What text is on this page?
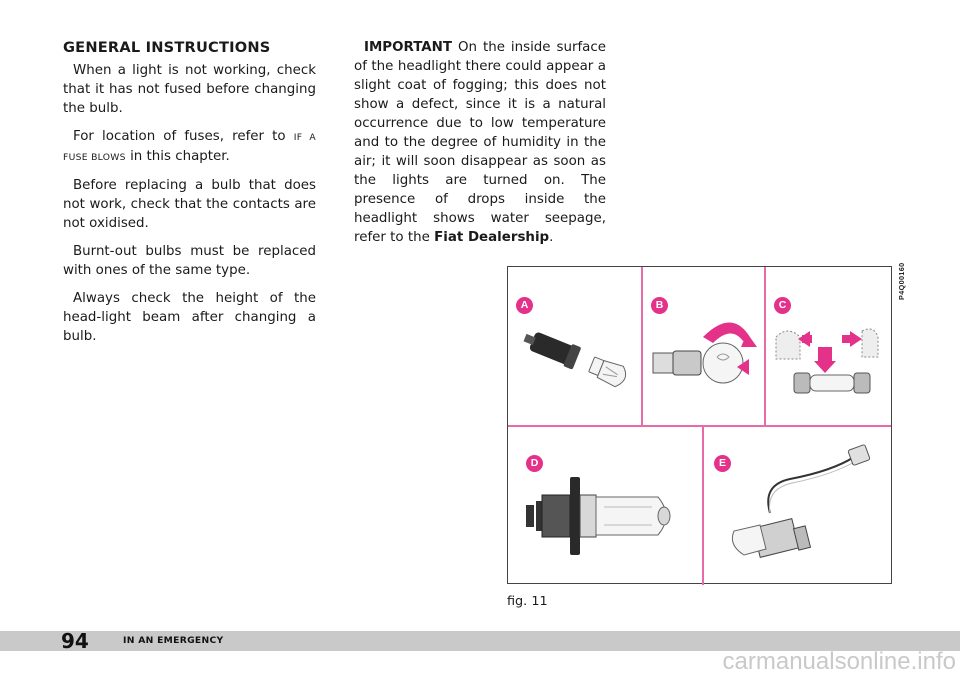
GENERAL INSTRUCTIONS

When a light is not working, check that it has not fused before changing the bulb.

For location of fuses, refer to IF A FUSE BLOWS in this chapter.

Before replacing a bulb that does not work, check that the contacts are not oxidised.

Burnt-out bulbs must be replaced with ones of the same type.

Always check the height of the head-light beam after changing a bulb.

IMPORTANT On the inside surface of the headlight there could appear a slight coat of fogging; this does not show a defect, since it is a natural occurrence due to low temperature and to the degree of humidity in the air; it will soon disappear as soon as the lights are turned on. The presence of drops inside the headlight shows water seepage, refer to the Fiat Dealership.

A	B	C
D	E
P4Q00160
fig. 11
94	IN AN EMERGENCY
carmanualsonline.info
